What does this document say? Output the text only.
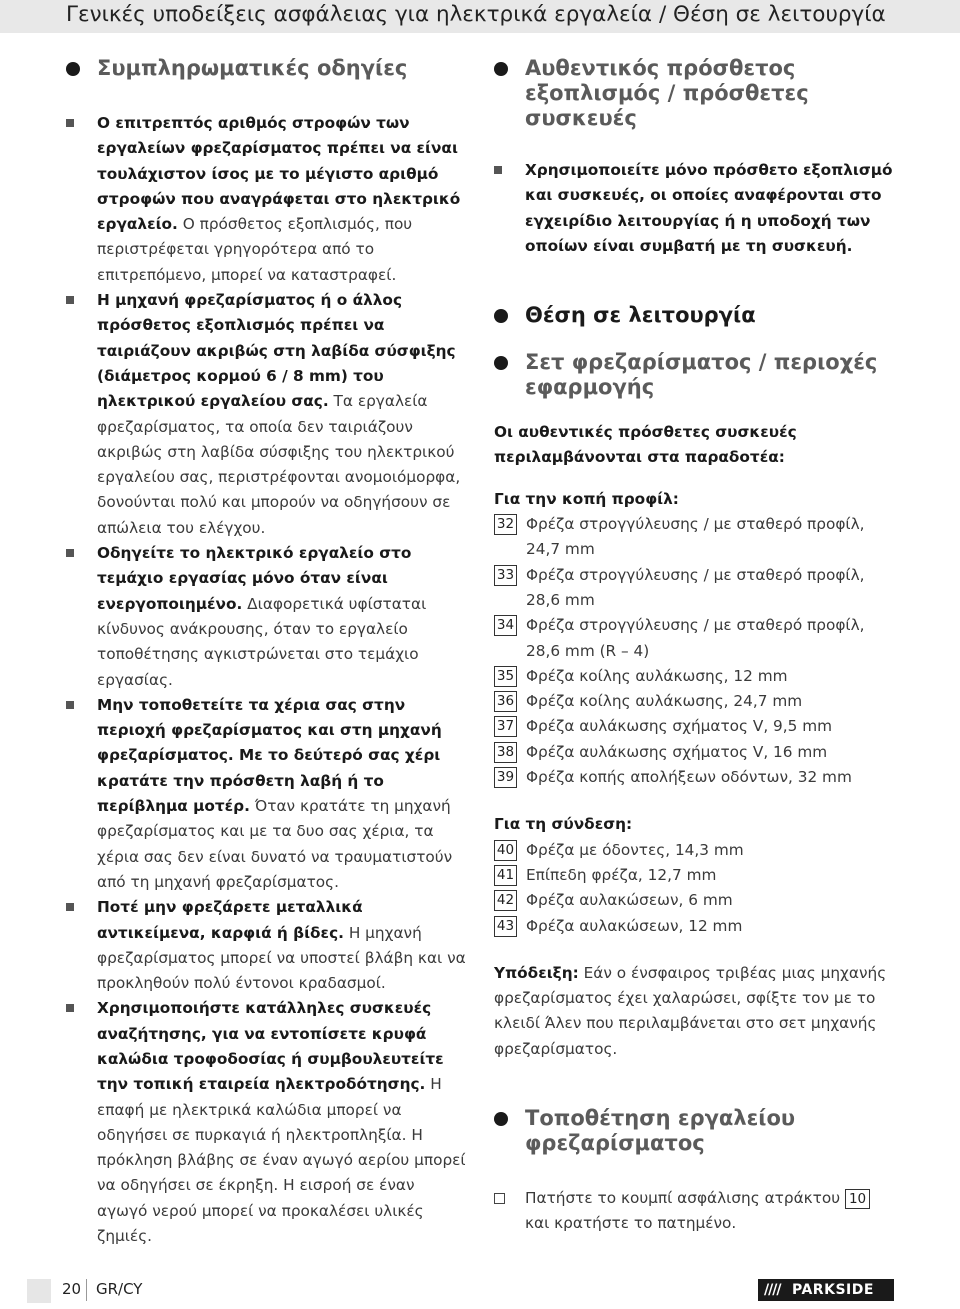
Γενικές υποδείξεις ασφάλειας για ηλεκτρικά εργαλεία / Θέση σε λειτουργία
Συμπληρωματικές οδηγίες
Ο επιτρεπτός αριθμός στροφών των εργαλείων φρεζαρίσματος πρέπει να είναι τουλάχιστον ίσος με το μέγιστο αριθμό στροφών που αναγράφεται στο ηλεκτρικό εργαλείο. Ο πρόσθετος εξοπλισμός, που περιστρέφεται γρηγορότερα από το επιτρεπόμενο, μπορεί να καταστραφεί.
Η μηχανή φρεζαρίσματος ή ο άλλος πρόσθετος εξοπλισμός πρέπει να ταιριάζουν ακριβώς στη λαβίδα σύσφιξης (διάμετρος κορμού 6 / 8 mm) του ηλεκτρικού εργαλείου σας. Τα εργαλεία φρεζαρίσματος, τα οποία δεν ταιριάζουν ακριβώς στη λαβίδα σύσφιξης του ηλεκτρικού εργαλείου σας, περιστρέφονται ανομοιόμορφα, δονούνται πολύ και μπορούν να οδηγήσουν σε απώλεια του ελέγχου.
Οδηγείτε το ηλεκτρικό εργαλείο στο τεμάχιο εργασίας μόνο όταν είναι ενεργοποιημένο. Διαφορετικά υφίσταται κίνδυνος ανάκρουσης, όταν το εργαλείο τοποθέτησης αγκιστρώνεται στο τεμάχιο εργασίας.
Μην τοποθετείτε τα χέρια σας στην περιοχή φρεζαρίσματος και στη μηχανή φρεζαρίσματος. Με το δεύτερό σας χέρι κρατάτε την πρόσθετη λαβή ή το περίβλημα μοτέρ. Όταν κρατάτε τη μηχανή φρεζαρίσματος και με τα δυο σας χέρια, τα χέρια σας δεν είναι δυνατό να τραυματιστούν από τη μηχανή φρεζαρίσματος.
Ποτέ μην φρεζάρετε μεταλλικά αντικείμενα, καρφιά ή βίδες. Η μηχανή φρεζαρίσματος μπορεί να υποστεί βλάβη και να προκληθούν πολύ έντονοι κραδασμοί.
Χρησιμοποιήστε κατάλληλες συσκευές αναζήτησης, για να εντοπίσετε κρυφά καλώδια τροφοδοσίας ή συμβουλευτείτε την τοπική εταιρεία ηλεκτροδότησης. Η επαφή με ηλεκτρικά καλώδια μπορεί να οδηγήσει σε πυρκαγιά ή ηλεκτροπληξία. Η πρόκληση βλάβης σε έναν αγωγό αερίου μπορεί να οδηγήσει σε έκρηξη. Η εισροή σε έναν αγωγό νερού μπορεί να προκαλέσει υλικές ζημιές.
Αυθεντικός πρόσθετος εξοπλισμός / πρόσθετες συσκευές
Χρησιμοποιείτε μόνο πρόσθετο εξοπλισμό και συσκευές, οι οποίες αναφέρονται στο εγχειρίδιο λειτουργίας ή η υποδοχή των οποίων είναι συμβατή με τη συσκευή.
Θέση σε λειτουργία
Σετ φρεζαρίσματος / περιοχές εφαρμογής

Οι αυθεντικές πρόσθετες συσκευές περιλαμβάνονται στα παραδοτέα:

Για την κοπή προφίλ:

32 Φρέζα στρογγύλευσης / με σταθερό προφίλ, 24,7 mm
33 Φρέζα στρογγύλευσης / με σταθερό προφίλ, 28,6 mm
34 Φρέζα στρογγύλευσης / με σταθερό προφίλ, 28,6 mm (R – 4)
35 Φρέζα κοίλης αυλάκωσης, 12 mm
36 Φρέζα κοίλης αυλάκωσης, 24,7 mm
37 Φρέζα αυλάκωσης σχήματος V, 9,5 mm
38 Φρέζα αυλάκωσης σχήματος V, 16 mm
39 Φρέζα κοπής απολήξεων οδόντων, 32 mm

Για τη σύνδεση:

40 Φρέζα με όδοντες, 14,3 mm
41 Επίπεδη φρέζα, 12,7 mm
42 Φρέζα αυλακώσεων, 6 mm
43 Φρέζα αυλακώσεων, 12 mm

Υπόδειξη: Εάν ο ένσφαιρος τριβέας μιας μηχανής φρεζαρίσματος έχει χαλαρώσει, σφίξτε τον με το κλειδί Άλεν που περιλαμβάνεται στο σετ μηχανής φρεζαρίσματος.

Τοποθέτηση εργαλείου φρεζαρίσματος
Πατήστε το κουμπί ασφάλισης ατράκτου 10 και κρατήστε το πατημένο.
20 GR/CY	//// PARKSIDE
